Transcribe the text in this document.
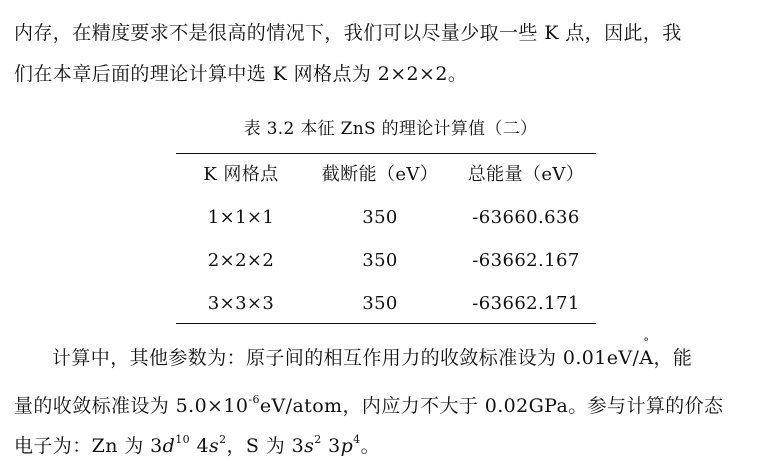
内存，在精度要求不是很高的情况下，我们可以尽量少取一些 K 点，因此，我
们在本章后面的理论计算中选 K 网格点为 2×2×2。
表 3.2 本征 ZnS 的理论计算值（二）
K 网格点	截断能（eV）	总能量（eV）
1×1×1	350	-63660.636
2×2×2	350	-63662.167
3×3×3	350	-63662.171
计算中，其他参数为：原子间的相互作用力的收敛标准设为 0.01eV/A
°
，能
量的收敛标准设为 $5.0\times 10^{-6}eV$/atom，内应力不大于 0.02GPa。参与计算的价态
电子为：Zn 为 $3d^{10}$ $4s^2$，S 为 $3s^2$ $3p^4$。
